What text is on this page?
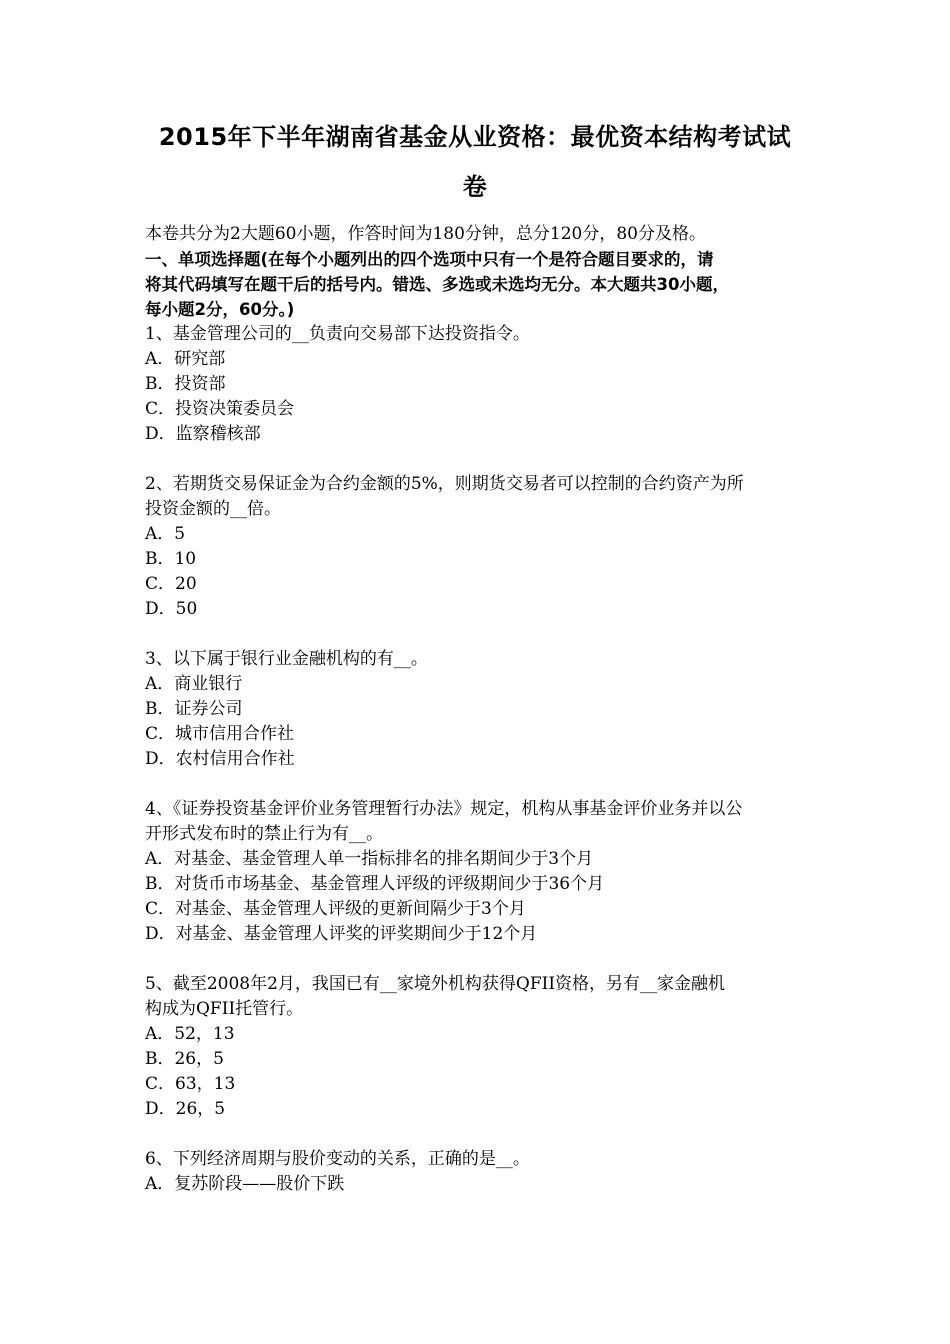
2015年下半年湖南省基金从业资格：最优资本结构考试试
卷
本卷共分为2大题60小题，作答时间为180分钟，总分120分，80分及格。
一、单项选择题(在每个小题列出的四个选项中只有一个是符合题目要求的，请
将其代码填写在题干后的括号内。错选、多选或未选均无分。本大题共30小题，
每小题2分，60分。)
1、基金管理公司的__负责向交易部下达投资指令。
A．研究部
B．投资部
C．投资决策委员会
D．监察稽核部
2、若期货交易保证金为合约金额的5%，则期货交易者可以控制的合约资产为所
投资金额的__倍。
A．5
B．10
C．20
D．50
3、以下属于银行业金融机构的有__。
A．商业银行
B．证券公司
C．城市信用合作社
D．农村信用合作社
4、《证券投资基金评价业务管理暂行办法》规定，机构从事基金评价业务并以公
开形式发布时的禁止行为有__。
A．对基金、基金管理人单一指标排名的排名期间少于3个月
B．对货币市场基金、基金管理人评级的评级期间少于36个月
C．对基金、基金管理人评级的更新间隔少于3个月
D．对基金、基金管理人评奖的评奖期间少于12个月
5、截至2008年2月，我国已有__家境外机构获得QFII资格，另有__家金融机
构成为QFII托管行。
A．52，13
B．26，5
C．63，13
D．26，5
6、下列经济周期与股价变动的关系，正确的是__。
A．复苏阶段——股价下跌
